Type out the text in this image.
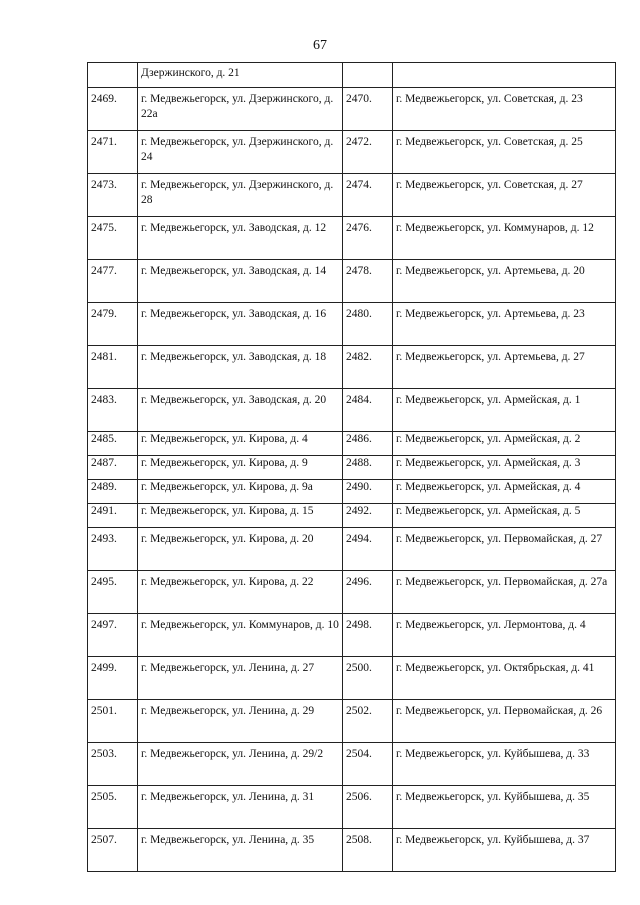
67
	Дзержинского, д. 21		
2469.	г. Медвежьегорск, ул. Дзержинского, д. 22а	2470.	г. Медвежьегорск, ул. Советская, д. 23
2471.	г. Медвежьегорск, ул. Дзержинского, д. 24	2472.	г. Медвежьегорск, ул. Советская, д. 25
2473.	г. Медвежьегорск, ул. Дзержинского, д. 28	2474.	г. Медвежьегорск, ул. Советская, д. 27
2475.	г. Медвежьегорск, ул. Заводская, д. 12	2476.	г. Медвежьегорск, ул. Коммунаров, д. 12
2477.	г. Медвежьегорск, ул. Заводская, д. 14	2478.	г. Медвежьегорск, ул. Артемьева, д. 20
2479.	г. Медвежьегорск, ул. Заводская, д. 16	2480.	г. Медвежьегорск, ул. Артемьева, д. 23
2481.	г. Медвежьегорск, ул. Заводская, д. 18	2482.	г. Медвежьегорск, ул. Артемьева, д. 27
2483.	г. Медвежьегорск, ул. Заводская, д. 20	2484.	г. Медвежьегорск, ул. Армейская, д. 1
2485.	г. Медвежьегорск, ул. Кирова, д. 4	2486.	г. Медвежьегорск, ул. Армейская, д. 2
2487.	г. Медвежьегорск, ул. Кирова, д. 9	2488.	г. Медвежьегорск, ул. Армейская, д. 3
2489.	г. Медвежьегорск, ул. Кирова, д. 9а	2490.	г. Медвежьегорск, ул. Армейская, д. 4
2491.	г. Медвежьегорск, ул. Кирова, д. 15	2492.	г. Медвежьегорск, ул. Армейская, д. 5
2493.	г. Медвежьегорск, ул. Кирова, д. 20	2494.	г. Медвежьегорск, ул. Первомайская, д. 27
2495.	г. Медвежьегорск, ул. Кирова, д. 22	2496.	г. Медвежьегорск, ул. Первомайская, д. 27а
2497.	г. Медвежьегорск, ул. Коммунаров, д. 10	2498.	г. Медвежьегорск, ул. Лермонтова, д. 4
2499.	г. Медвежьегорск, ул. Ленина, д. 27	2500.	г. Медвежьегорск, ул. Октябрьская, д. 41
2501.	г. Медвежьегорск, ул. Ленина, д. 29	2502.	г. Медвежьегорск, ул. Первомайская, д. 26
2503.	г. Медвежьегорск, ул. Ленина, д. 29/2	2504.	г. Медвежьегорск, ул. Куйбышева, д. 33
2505.	г. Медвежьегорск, ул. Ленина, д. 31	2506.	г. Медвежьегорск, ул. Куйбышева, д. 35
2507.	г. Медвежьегорск, ул. Ленина, д. 35	2508.	г. Медвежьегорск, ул. Куйбышева, д. 37
